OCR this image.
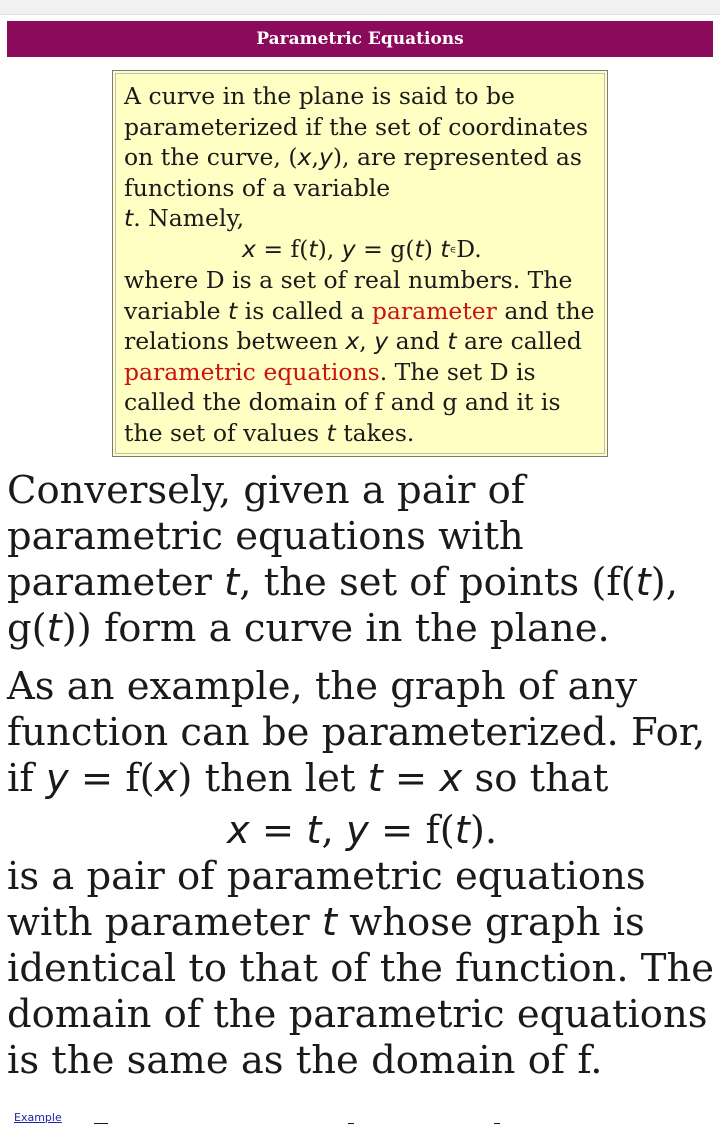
Parametric Equations

A curve in the plane is said to be parameterized if the set of coordinates on the curve, (x,y), are represented as functions of a variable
t. Namely,

x = f(t), y = g(t) t∈D.

where D is a set of real numbers. The variable t is called a parameter and the relations between x, y and t are called parametric equations. The set D is called the domain of f and g and it is the set of values t takes.

Conversely, given a pair of parametric equations with parameter t, the set of points (f(t), g(t)) form a curve in the plane.

As an example, the graph of any function can be parameterized. For, if y = f(x) then let t = x so that

x = t, y = f(t).

is a pair of parametric equations with parameter t whose graph is identical to that of the function. The domain of the parametric equations is the same as the domain of f.

Example
